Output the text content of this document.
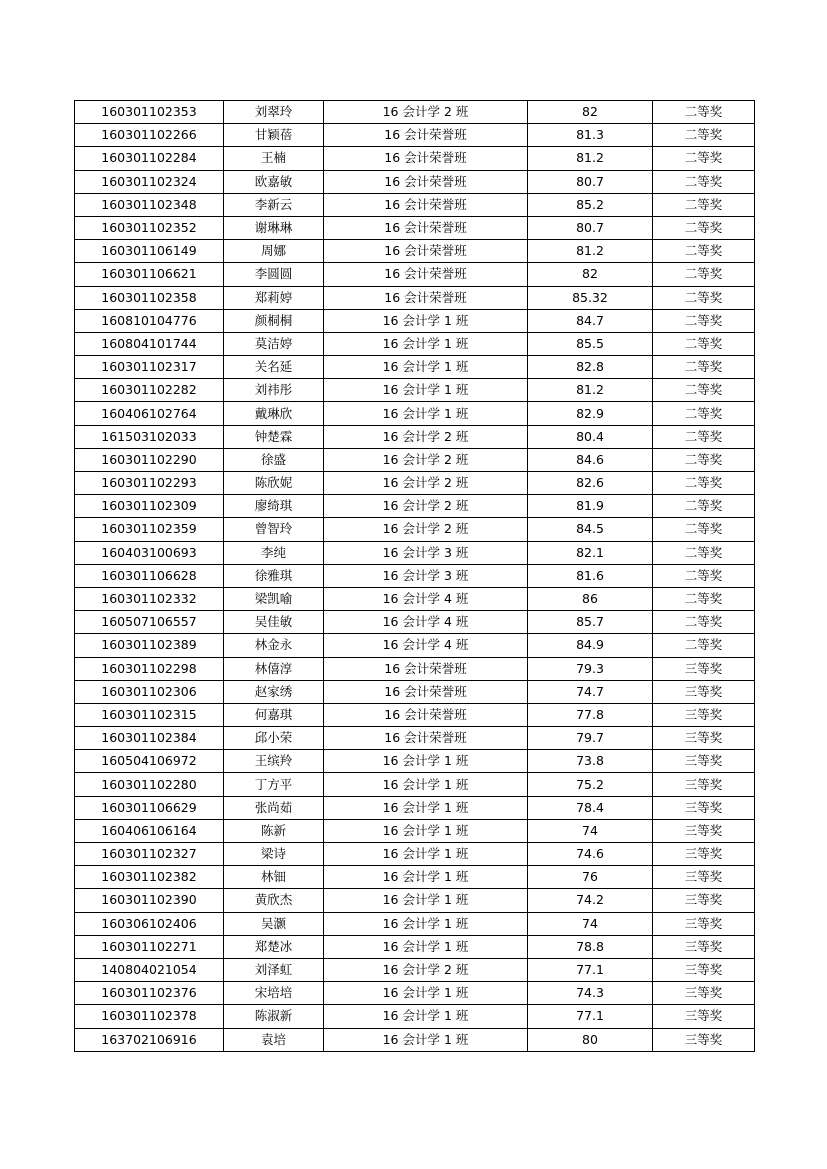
160301102353	刘翠玲	16 会计学 2 班	82	二等奖
160301102266	甘颖蓓	16 会计荣誉班	81.3	二等奖
160301102284	王楠	16 会计荣誉班	81.2	二等奖
160301102324	欧嘉敏	16 会计荣誉班	80.7	二等奖
160301102348	李新云	16 会计荣誉班	85.2	二等奖
160301102352	谢琳琳	16 会计荣誉班	80.7	二等奖
160301106149	周娜	16 会计荣誉班	81.2	二等奖
160301106621	李圆圆	16 会计荣誉班	82	二等奖
160301102358	郑莉婷	16 会计荣誉班	85.32	二等奖
160810104776	颜桐桐	16 会计学 1 班	84.7	二等奖
160804101744	莫洁婷	16 会计学 1 班	85.5	二等奖
160301102317	关名延	16 会计学 1 班	82.8	二等奖
160301102282	刘祎彤	16 会计学 1 班	81.2	二等奖
160406102764	戴琳欣	16 会计学 1 班	82.9	二等奖
161503102033	钟楚霖	16 会计学 2 班	80.4	二等奖
160301102290	徐盛	16 会计学 2 班	84.6	二等奖
160301102293	陈欣妮	16 会计学 2 班	82.6	二等奖
160301102309	廖绮琪	16 会计学 2 班	81.9	二等奖
160301102359	曾智玲	16 会计学 2 班	84.5	二等奖
160403100693	李纯	16 会计学 3 班	82.1	二等奖
160301106628	徐雅琪	16 会计学 3 班	81.6	二等奖
160301102332	梁凯喻	16 会计学 4 班	86	二等奖
160507106557	吴佳敏	16 会计学 4 班	85.7	二等奖
160301102389	林金永	16 会计学 4 班	84.9	二等奖
160301102298	林僖淳	16 会计荣誉班	79.3	三等奖
160301102306	赵家绣	16 会计荣誉班	74.7	三等奖
160301102315	何嘉琪	16 会计荣誉班	77.8	三等奖
160301102384	邱小荣	16 会计荣誉班	79.7	三等奖
160504106972	王缤羚	16 会计学 1 班	73.8	三等奖
160301102280	丁方平	16 会计学 1 班	75.2	三等奖
160301106629	张尚茹	16 会计学 1 班	78.4	三等奖
160406106164	陈新	16 会计学 1 班	74	三等奖
160301102327	梁诗	16 会计学 1 班	74.6	三等奖
160301102382	林钿	16 会计学 1 班	76	三等奖
160301102390	黄欣杰	16 会计学 1 班	74.2	三等奖
160306102406	吴灏	16 会计学 1 班	74	三等奖
160301102271	郑楚冰	16 会计学 1 班	78.8	三等奖
140804021054	刘泽虹	16 会计学 2 班	77.1	三等奖
160301102376	宋培培	16 会计学 1 班	74.3	三等奖
160301102378	陈淑新	16 会计学 1 班	77.1	三等奖
163702106916	袁培	16 会计学 1 班	80	三等奖
